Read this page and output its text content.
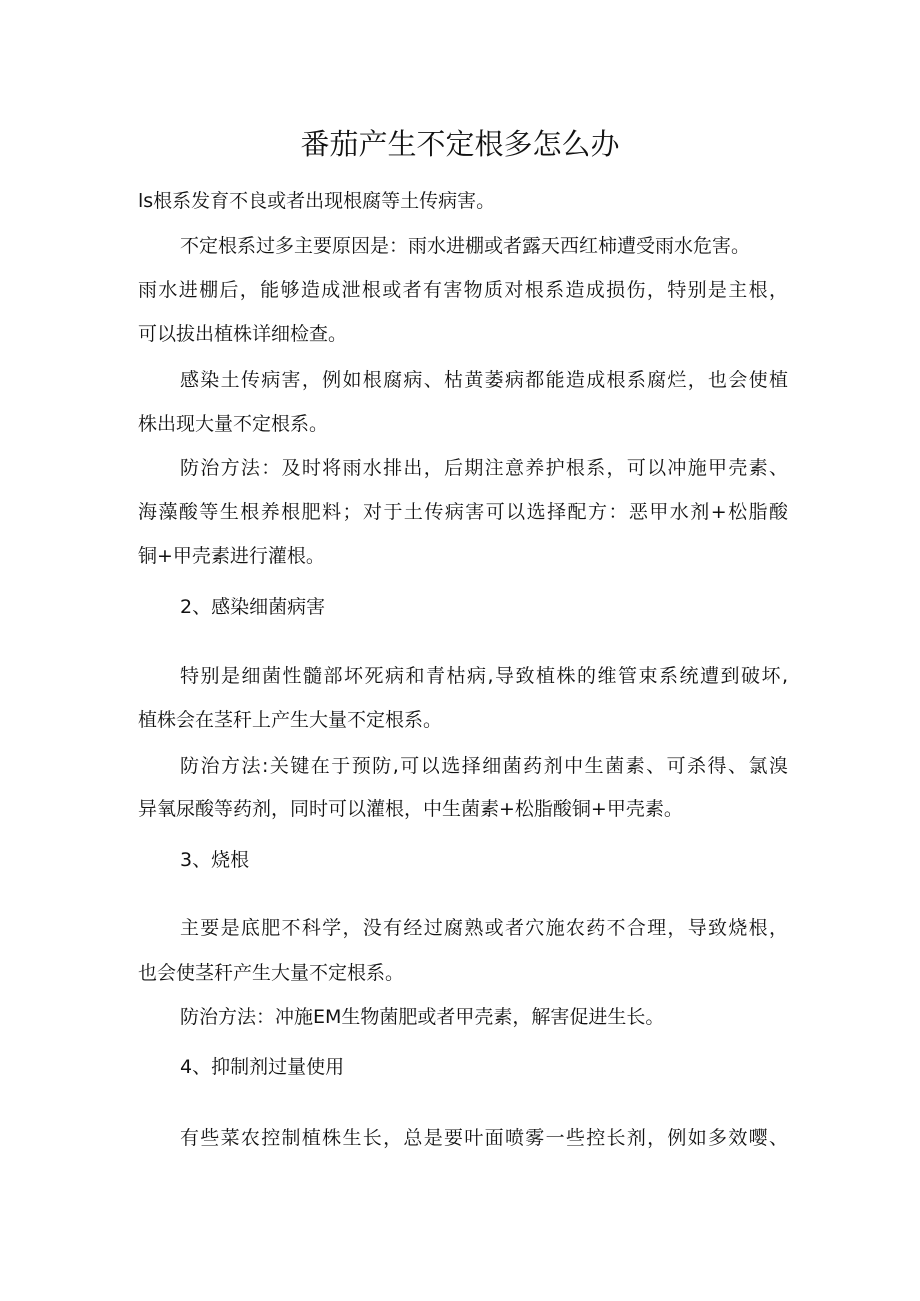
番茄产生不定根多怎么办
ls根系发育不良或者出现根腐等土传病害。
不定根系过多主要原因是：雨水进棚或者露天西红柿遭受雨水危害。
雨水进棚后，能够造成泄根或者有害物质对根系造成损伤，特别是主根，
可以拔出植株详细检查。
感染土传病害，例如根腐病、枯黄萎病都能造成根系腐烂，也会使植
株出现大量不定根系。
防治方法：及时将雨水排出，后期注意养护根系，可以冲施甲壳素、
海藻酸等生根养根肥料；对于土传病害可以选择配方：恶甲水剂+松脂酸
铜+甲壳素进行灌根。
2、感染细菌病害
特别是细菌性髓部坏死病和青枯病,导致植株的维管束系统遭到破坏,
植株会在茎秆上产生大量不定根系。
防治方法:关键在于预防,可以选择细菌药剂中生菌素、可杀得、氯溴
异氧尿酸等药剂，同时可以灌根，中生菌素+松脂酸铜+甲壳素。
3、烧根
主要是底肥不科学，没有经过腐熟或者穴施农药不合理，导致烧根，
也会使茎秆产生大量不定根系。
防治方法：冲施EM生物菌肥或者甲壳素，解害促进生长。
4、抑制剂过量使用
有些菜农控制植株生长，总是要叶面喷雾一些控长剂，例如多效嘤、
